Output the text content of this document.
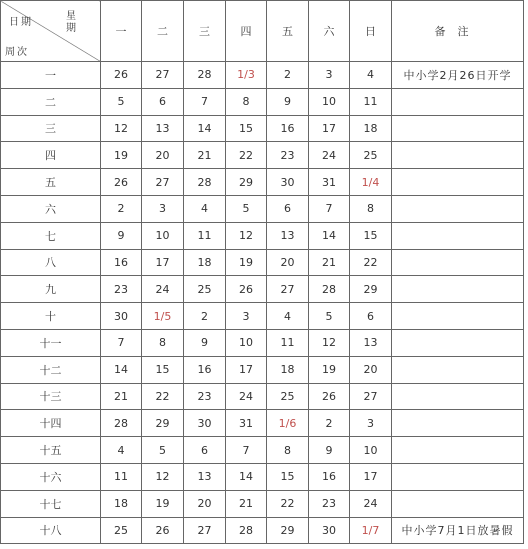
星
期
日期
周次	一	二	三	四	五	六	日	备注
一	26	27	28	1/3	2	3	4	中小学2月26日开学
二	5	6	7	8	9	10	11	
三	12	13	14	15	16	17	18	
四	19	20	21	22	23	24	25	
五	26	27	28	29	30	31	1/4	
六	2	3	4	5	6	7	8	
七	9	10	11	12	13	14	15	
八	16	17	18	19	20	21	22	
九	23	24	25	26	27	28	29	
十	30	1/5	2	3	4	5	6	
十一	7	8	9	10	11	12	13	
十二	14	15	16	17	18	19	20	
十三	21	22	23	24	25	26	27	
十四	28	29	30	31	1/6	2	3	
十五	4	5	6	7	8	9	10	
十六	11	12	13	14	15	16	17	
十七	18	19	20	21	22	23	24	
十八	25	26	27	28	29	30	1/7	中小学7月1日放暑假
